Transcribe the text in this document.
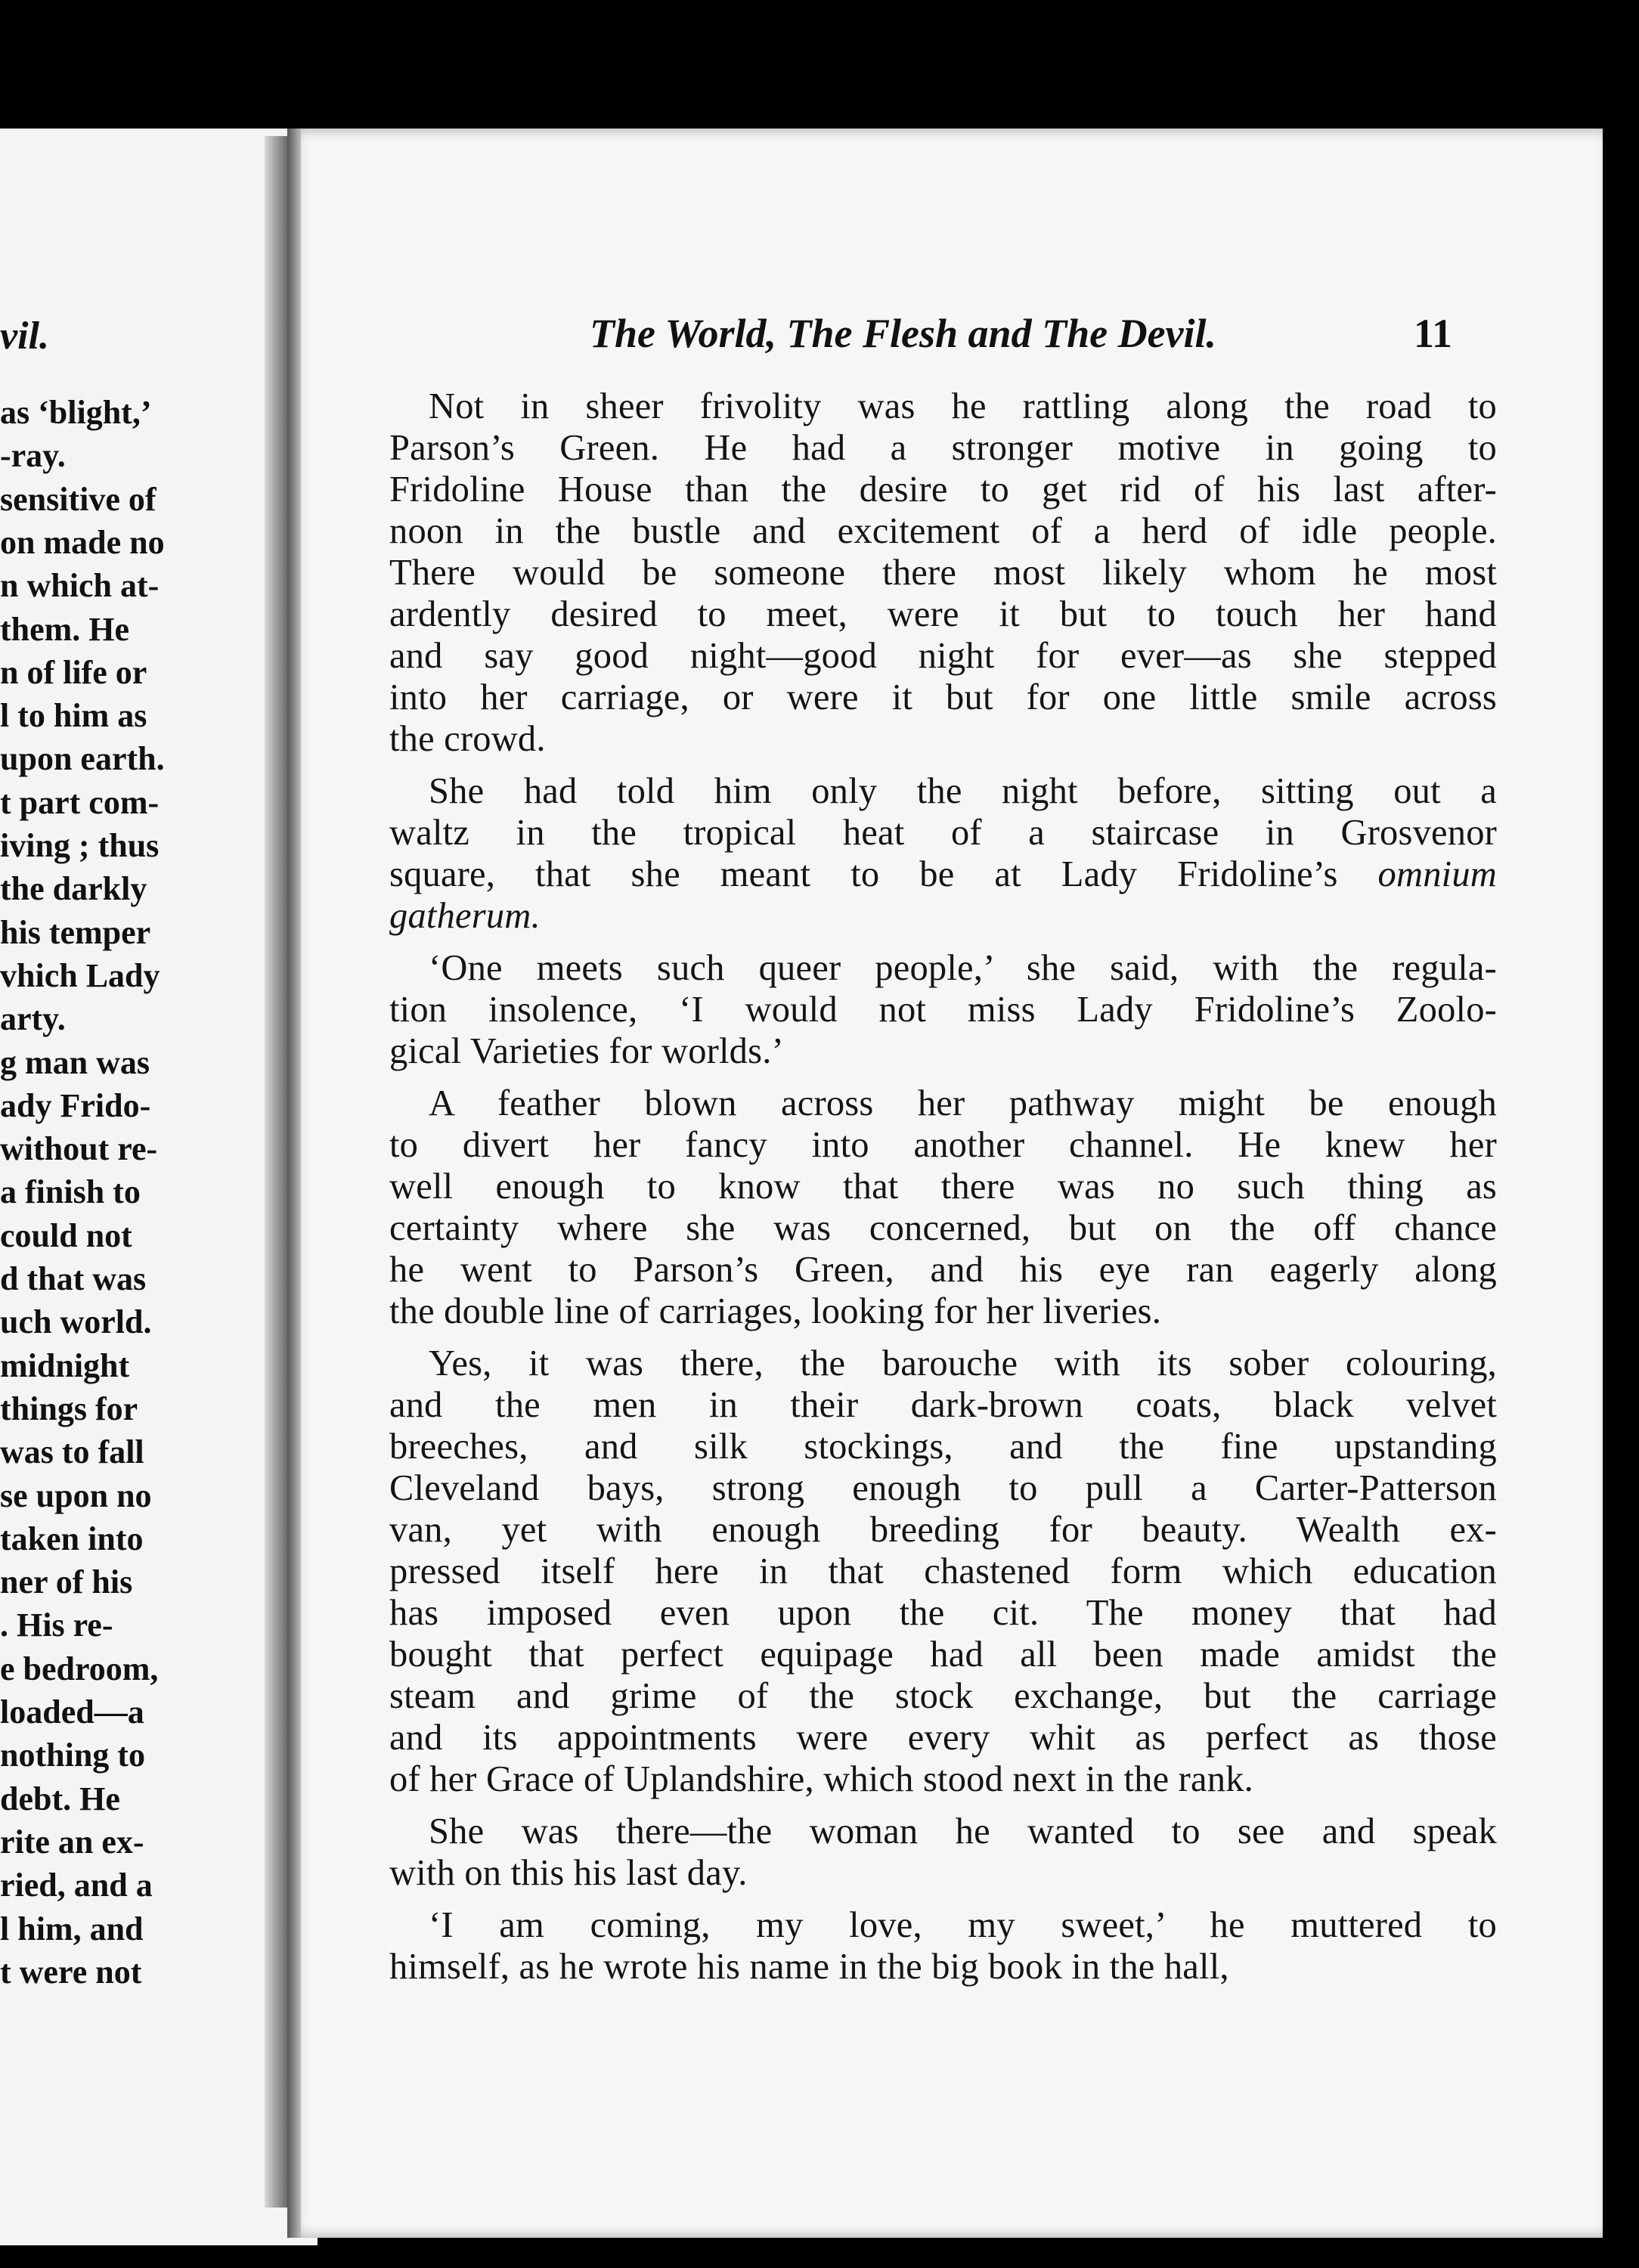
vil.
as ‘blight,’
-ray.
sensitive of
on made no
n which at-
them. He
n of life or
l to him as
upon earth.
t part com-
iving ; thus
the darkly
his temper
vhich Lady
arty.
g man was
ady Frido-
without re-
a finish to
could not
d that was
uch world.
midnight
things for
was to fall
se upon no
taken into
ner of his
. His re-
e bedroom,
loaded—a
nothing to
debt. He
rite an ex-
ried, and a
l him, and
t were not
The World, The Flesh and The Devil.	11

Not in sheer frivolity was he rattling along the road to
Parson’s Green. He had a stronger motive in going to
Fridoline House than the desire to get rid of his last after-
noon in the bustle and excitement of a herd of idle people.
There would be someone there most likely whom he most
ardently desired to meet, were it but to touch her hand
and say good night—good night for ever—as she stepped
into her carriage, or were it but for one little smile across
the crowd.

She had told him only the night before, sitting out a
waltz in the tropical heat of a staircase in Grosvenor
square, that she meant to be at Lady Fridoline’s omnium
gatherum.

‘One meets such queer people,’ she said, with the regula-
tion insolence, ‘I would not miss Lady Fridoline’s Zoolo-
gical Varieties for worlds.’

A feather blown across her pathway might be enough
to divert her fancy into another channel. He knew her
well enough to know that there was no such thing as
certainty where she was concerned, but on the off chance
he went to Parson’s Green, and his eye ran eagerly along
the double line of carriages, looking for her liveries.

Yes, it was there, the barouche with its sober colouring,
and the men in their dark-brown coats, black velvet
breeches, and silk stockings, and the fine upstanding
Cleveland bays, strong enough to pull a Carter-Patterson
van, yet with enough breeding for beauty. Wealth ex-
pressed itself here in that chastened form which education
has imposed even upon the cit. The money that had
bought that perfect equipage had all been made amidst the
steam and grime of the stock exchange, but the carriage
and its appointments were every whit as perfect as those
of her Grace of Uplandshire, which stood next in the rank.

She was there—the woman he wanted to see and speak
with on this his last day.

‘I am coming, my love, my sweet,’ he muttered to
himself, as he wrote his name in the big book in the hall,
